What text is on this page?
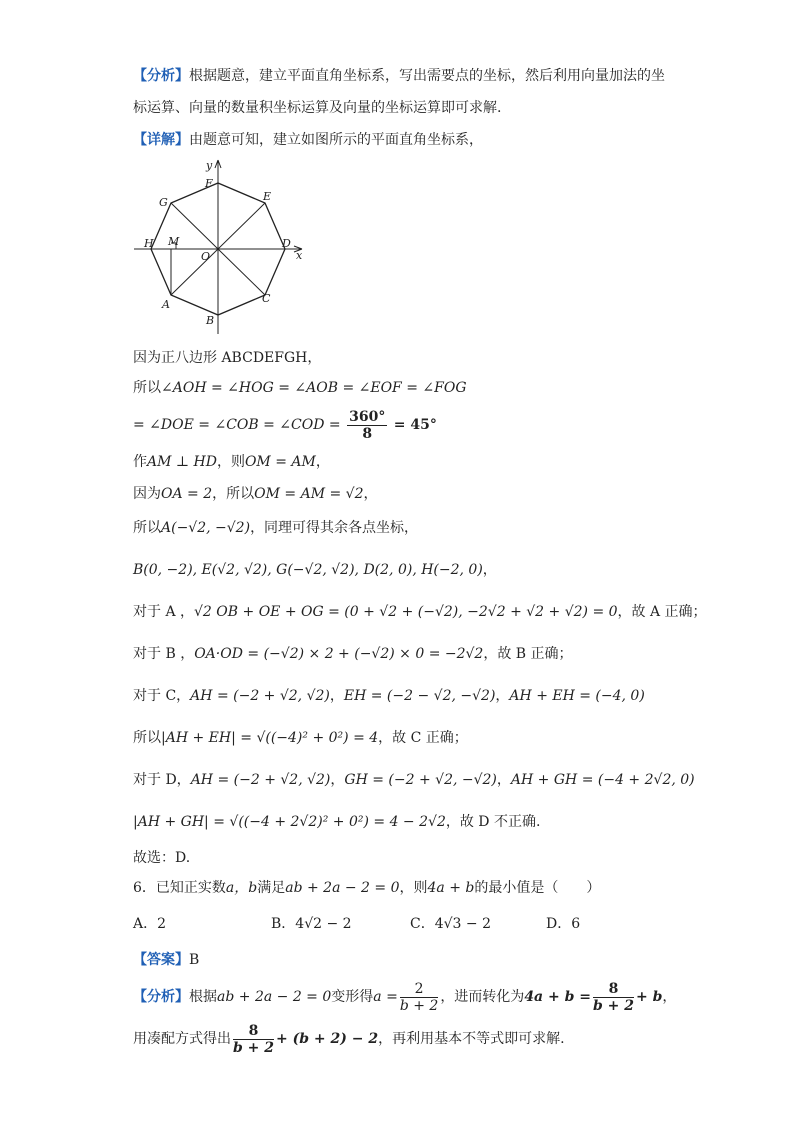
【分析】根据题意，建立平面直角坐标系，写出需要点的坐标，然后利用向量加法的坐
标运算、向量的数量积坐标运算及向量的坐标运算即可求解.
【详解】由题意可知，建立如图所示的平面直角坐标系，
y
x
F
E
G
H M
O
D
A	C
B
因为正八边形 ABCDEFGH，
所以∠AOH = ∠HOG = ∠AOB = ∠EOF = ∠FOG
= ∠DOE = ∠COB = ∠COD = $\frac{360^\circ}{8} = 45^\circ$
作AM ⊥ HD，则OM = AM，
因为OA = 2，所以OM = AM = √2，
所以A(−√2, −√2)，同理可得其余各点坐标，
B(0, −2), E(√2, √2), G(−√2, √2), D(2, 0), H(−2, 0)，
对于 A ，√2 OB + OE + OG = (0 + √2 + (−√2), −2√2 + √2 + √2) = 0，故 A 正确；
对于 B ，OA·OD = (−√2) × 2 + (−√2) × 0 = −2√2，故 B 正确；
对于 C，AH = (−2 + √2, √2)，EH = (−2 − √2, −√2)，AH + EH = (−4, 0)
所以|AH + EH| = √((−4)² + 0²) = 4，故 C 正确；
对于 D，AH = (−2 + √2, √2)，GH = (−2 + √2, −√2)，AH + GH = (−4 + 2√2, 0)
|AH + GH| = √((−4 + 2√2)² + 0²) = 4 − 2√2，故 D 不正确.
故选：D.
6．已知正实数a，b满足ab + 2a − 2 = 0，则4a + b的最小值是（　　）
A．2	B．4√2 − 2	C．4√3 − 2	D．6
【答案】B
【分析】根据ab + 2a − 2 = 0变形得$a = \frac{2}{b + 2}$ ，进而转化为$4a + b = \frac{8}{b + 2} + b$，
用凑配方式得出 $\frac{8}{b + 2} + (b + 2) - 2$，再利用基本不等式即可求解.
